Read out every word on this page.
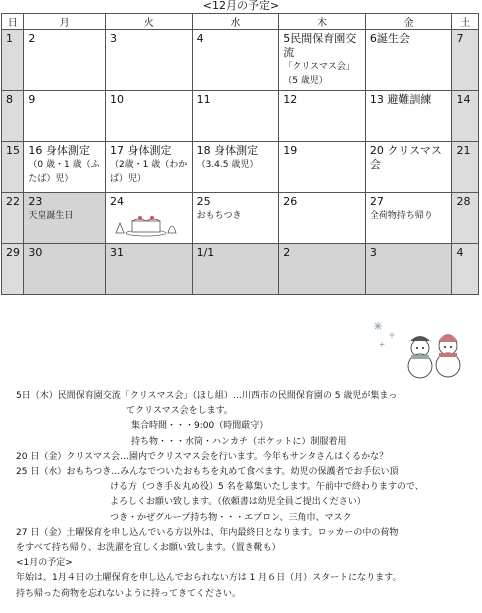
<12月の予定>
日	月	火	水	木	金	土

1	2	3	4	5民間保育園交流
「クリスマス会」
（5 歳児）	6誕生会	7

8	9	10	11	12	13 避難訓練	14

15	16 身体測定
（0 歳・1 歳（ふ
たば）児）	17 身体測定
（2歳・1 歳（わか
ば）児）	18 身体測定
（3.4.5 歳児）	19	20 クリスマス会	21

22	23
天皇誕生日	24	25
おもちつき	26	27
全荷物持ち帰り	28

29	30	31	1/1	2	3	4
5日（木）民間保育園交流「クリスマス会」（ほし組）…川西市の民間保育園の 5 歳児が集まっ
てクリスマス会をします。
集合時間・・・9:00（時間厳守）
持ち物・・・水筒・ハンカチ（ポケットに）制服着用
20 日（金）クリスマス会…園内でクリスマス会を行います。今年もサンタさんはくるかな？
25 日（水）おもちつき…みんなでついたおもちを丸めて食べます。幼児の保護者でお手伝い頂
ける方（つき手＆丸め役）5 名を募集いたします。午前中で終わりますので、
よろしくお願い致します。（依頼書は幼児全員ご提出ください）
つき・かぜグループ持ち物・・・エプロン、三角巾、マスク
27 日（金）土曜保育を申し込んでいる方以外は、年内最終日となります。ロッカーの中の荷物
をすべて持ち帰り、お洗濯を宜しくお願い致します。（置き靴も）
<1月の予定>
年始は、1月４日の土曜保育を申し込んでおられない方は 1 月６日（月）スタートになります。
持ち帰った荷物を忘れないように持ってきてください。
